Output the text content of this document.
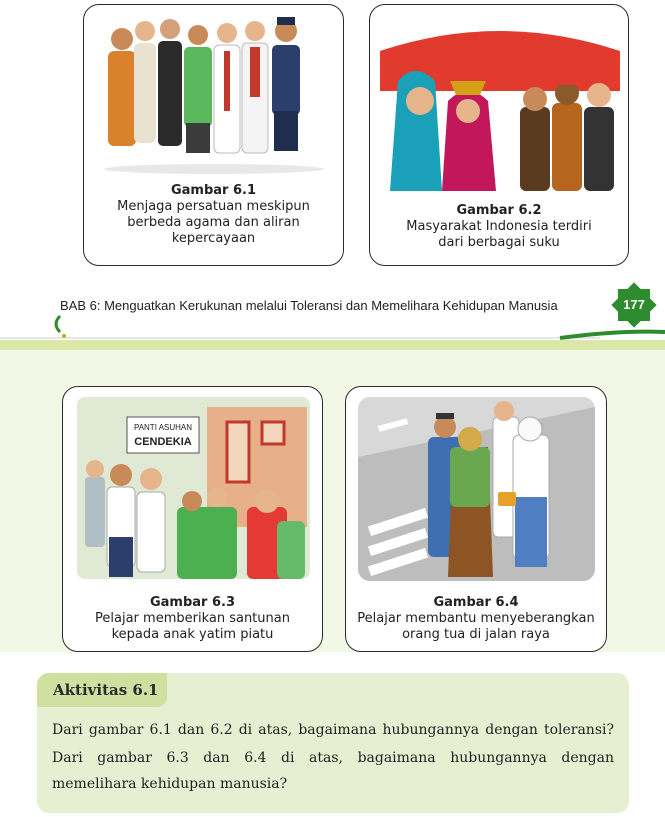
Gambar 6.1
Menjaga persatuan meskipun
berbeda agama dan aliran
kepercayaan
Gambar 6.2
Masyarakat Indonesia terdiri
dari berbagai suku
BAB 6: Menguatkan Kerukunan melalui Toleransi dan Memelihara Kehidupan Manusia	177
PANTI ASUHAN
CENDEKIA
Gambar 6.3
Pelajar memberikan santunan
kepada anak yatim piatu
Gambar 6.4
Pelajar membantu menyeberangkan
orang tua di jalan raya
Aktivitas 6.1
Dari gambar 6.1 dan 6.2 di atas, bagaimana hubungannya dengan toleransi?
Dari gambar 6.3 dan 6.4 di atas, bagaimana hubungannya dengan
memelihara kehidupan manusia?
